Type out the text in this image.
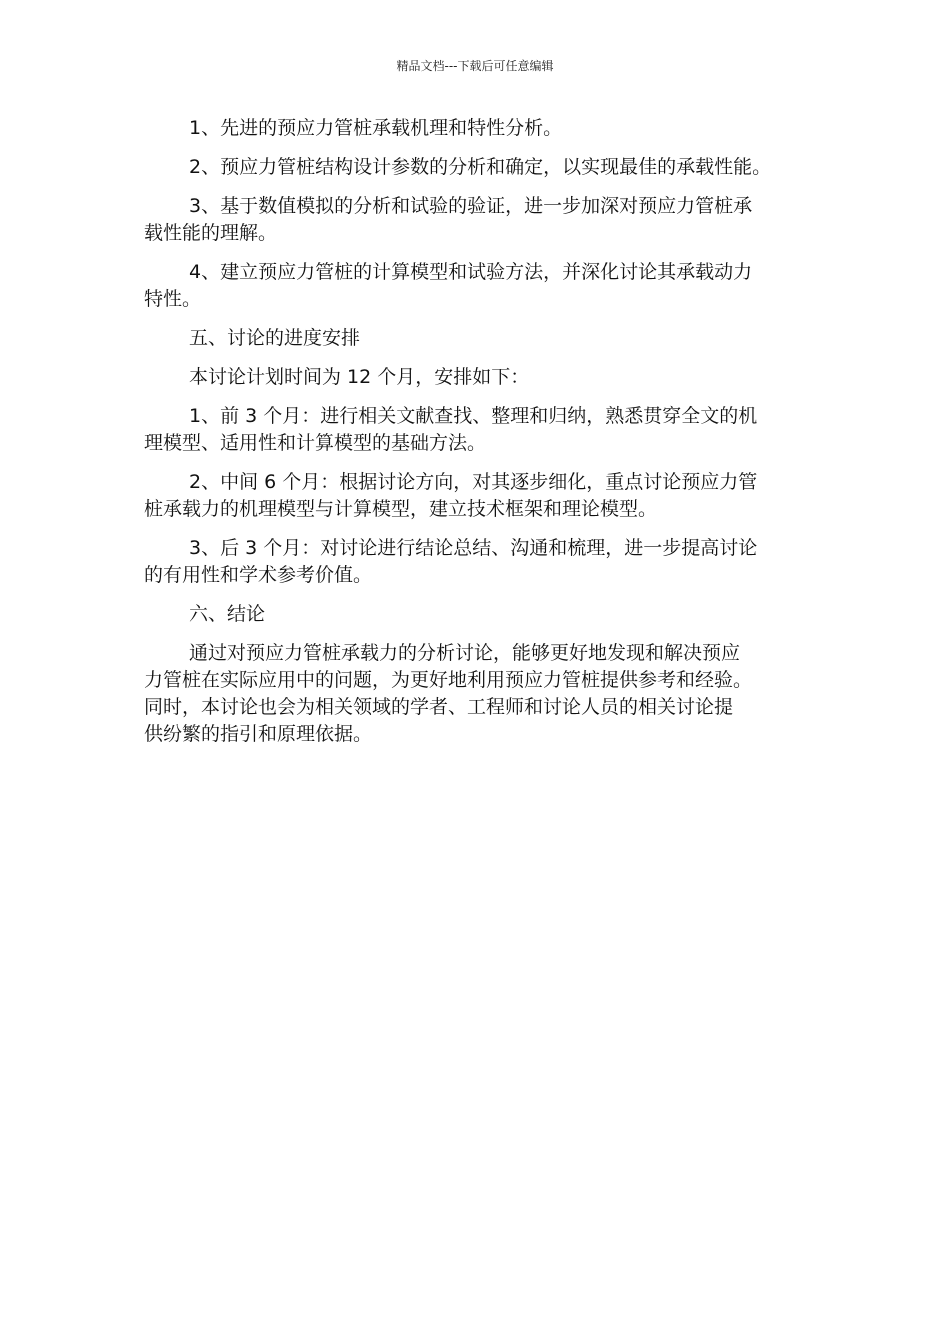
精品文档---下载后可任意编辑

1、先进的预应力管桩承载机理和特性分析。

2、预应力管桩结构设计参数的分析和确定，以实现最佳的承载性能。

3、基于数值模拟的分析和试验的验证，进一步加深对预应力管桩承
载性能的理解。

4、建立预应力管桩的计算模型和试验方法，并深化讨论其承载动力
特性。

五、讨论的进度安排

本讨论计划时间为 12 个月，安排如下：

1、前 3 个月：进行相关文献查找、整理和归纳，熟悉贯穿全文的机
理模型、适用性和计算模型的基础方法。

2、中间 6 个月：根据讨论方向，对其逐步细化，重点讨论预应力管
桩承载力的机理模型与计算模型，建立技术框架和理论模型。

3、后 3 个月：对讨论进行结论总结、沟通和梳理，进一步提高讨论
的有用性和学术参考价值。

六、结论

通过对预应力管桩承载力的分析讨论，能够更好地发现和解决预应
力管桩在实际应用中的问题，为更好地利用预应力管桩提供参考和经验。
同时，本讨论也会为相关领域的学者、工程师和讨论人员的相关讨论提
供纷繁的指引和原理依据。
